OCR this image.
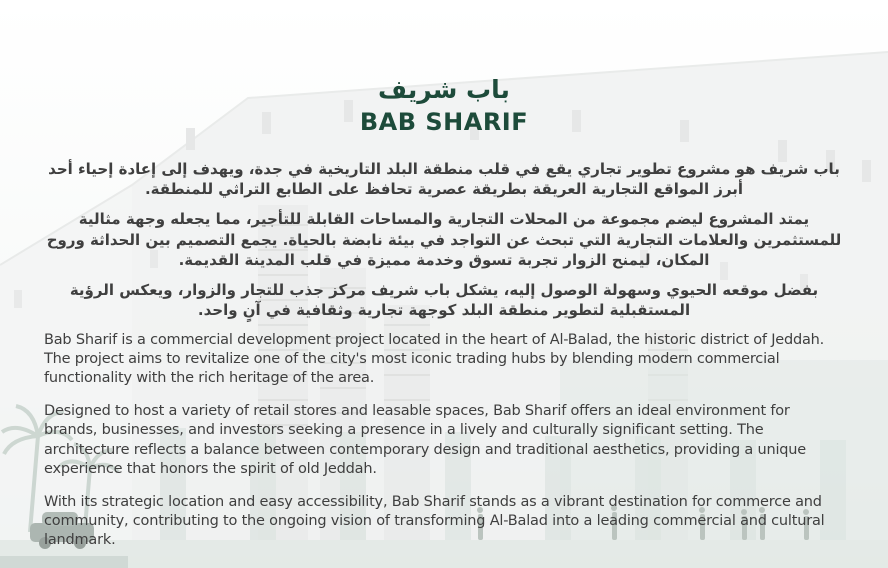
باب شريف
BAB SHARIF

باب شريف هو مشروع تطوير تجاري يقع في قلب منطقة البلد التاريخية في جدة، ويهدف إلى إعادة إحياء أحد أبرز المواقع التجارية العريقة بطريقة عصرية تحافظ على الطابع التراثي للمنطقة.

يمتد المشروع ليضم مجموعة من المحلات التجارية والمساحات القابلة للتأجير، مما يجعله وجهة مثالية للمستثمرين والعلامات التجارية التي تبحث عن التواجد في بيئة نابضة بالحياة. يجمع التصميم بين الحداثة وروح المكان، ليمنح الزوار تجربة تسوق وخدمة مميزة في قلب المدينة القديمة.

بفضل موقعه الحيوي وسهولة الوصول إليه، يشكل باب شريف مركز جذب للتجار والزوار، ويعكس الرؤية المستقبلية لتطوير منطقة البلد كوجهة تجارية وثقافية في آنٍ واحد.

Bab Sharif is a commercial development project located in the heart of Al-Balad, the historic district of Jeddah. The project aims to revitalize one of the city's most iconic trading hubs by blending modern commercial functionality with the rich heritage of the area.

Designed to host a variety of retail stores and leasable spaces, Bab Sharif offers an ideal environment for brands, businesses, and investors seeking a presence in a lively and culturally significant setting. The architecture reflects a balance between contemporary design and traditional aesthetics, providing a unique experience that honors the spirit of old Jeddah.

With its strategic location and easy accessibility, Bab Sharif stands as a vibrant destination for commerce and community, contributing to the ongoing vision of transforming Al-Balad into a leading commercial and cultural landmark.
